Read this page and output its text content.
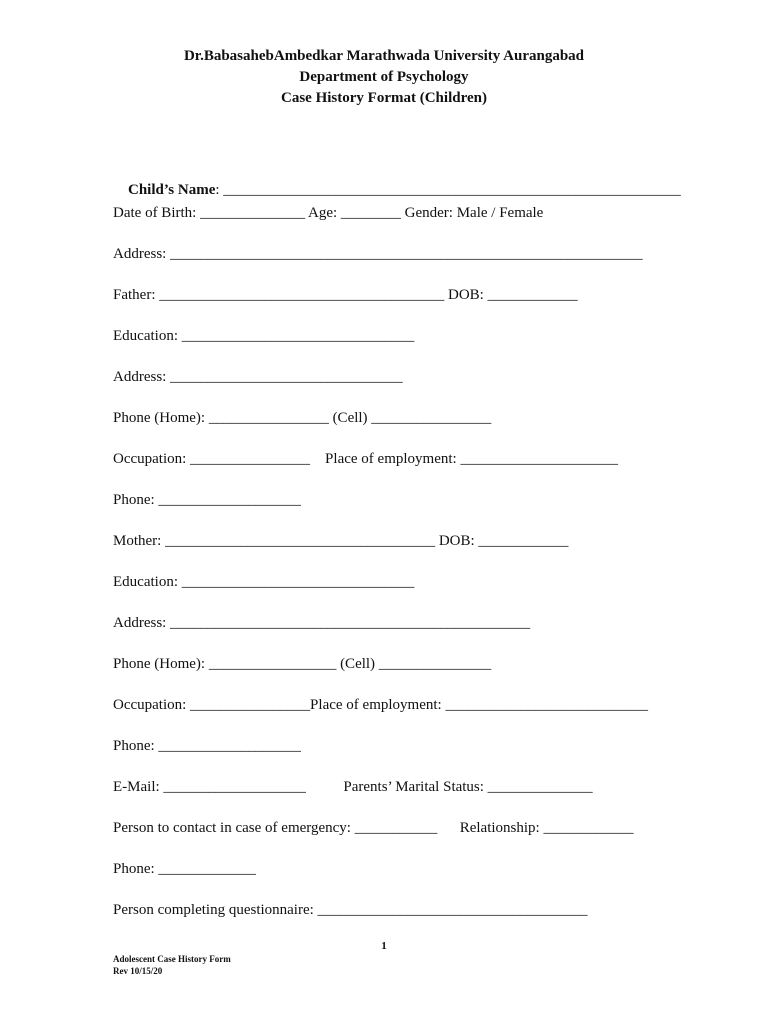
Dr.BabasahebAmbedkar Marathwada University Aurangabad
Department of Psychology
Case History Format (Children)

Child’s Name: _____________________________________________________________

Date of Birth: ______________ Age: ________ Gender: Male / Female
Address: _______________________________________________________________
Father: ______________________________________ DOB: ____________
Education: _______________________________
Address: _______________________________
Phone (Home): ________________ (Cell) ________________
Occupation: ________________    Place of employment: _____________________
Phone: ___________________
Mother: ____________________________________ DOB: ____________
Education: _______________________________
Address: ________________________________________________
Phone (Home): _________________ (Cell) _______________
Occupation: ________________Place of employment: ___________________________
Phone: ___________________
E-Mail: ___________________          Parents’ Marital Status: ______________
Person to contact in case of emergency: ___________      Relationship: ____________
Phone: _____________
Person completing questionnaire: ____________________________________
1
Adolescent Case History Form
Rev 10/15/20
